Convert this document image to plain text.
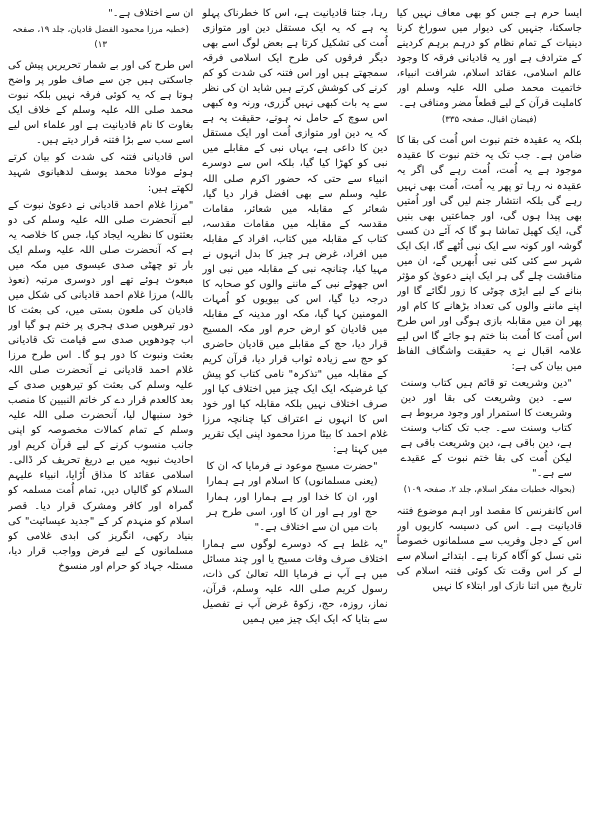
ایسا حرم ہے جس کو بھی معاف نہیں کیا جاسکتا، جنہیں کی دیوار میں سوراخ کرنا دینیات کے تمام نظام کو درہم برہم کردینے کے مترادف ہے اور یہ قادیانی فرقہ کا وجود عالم اسلامی، عقائد اسلام، شرافت انبیاء، خاتمیت محمد صلی اللہ علیہ وسلم اور کاملیت قرآن کے لیے قطعاً مضر ومنافی ہے۔

(فیضان اقبال، صفحہ ۳۳۵)

بلکہ یہ عقیدہ ختم نبوت اس اُمت کی بقا کا ضامن ہے۔ جب تک یہ ختم نبوت کا عقیدہ موجود ہے یہ اُمت، اُمت رہے گی اگر یہ عقیدہ نہ رہا تو پھر یہ اُمت، اُمت بھی نہیں رہے گی بلکہ انتشار جنم لیں گی اور اُمتیں بھی پیدا ہوں گی، اور جماعتیں بھی بنیں گی، ایک کھیل تماشا ہو گا کہ آئے دن کسی گوشہ اور کونہ سے ایک نبی اُٹھے گا، ایک ایک شہر سے کئی کئی نبی اُبھریں گے، ان میں مناقشت چلے گی ہر ایک اپنے دعویٰ کو مؤثر بنانے کے لیے ایڑی چوٹی کا زور لگائے گا اور اپنے ماننے والوں کی تعداد بڑھانے کا کام اور پھر ان میں مقابلہ بازی ہوگی اور اس طرح اس اُمت کا اُمت بنا ختم ہو جائے گا اس لیے علامہ اقبال نے یہ حقیقت واشگاف الفاظ میں بیان کی ہے:

"دین وشریعت تو قائم ہیں کتاب وسنت سے۔ دین وشریعت کی بقا اور دین وشریعت کا استمرار اور وجود مربوط ہے کتاب وسنت سے۔ جب تک کتاب وسنت ہے، دین باقی ہے، دین وشریعت باقی ہے لیکن اُمت کی بقا ختم نبوت کے عقیدے سے ہے۔"

(بحوالہ خطبات مفکر اسلام، جلد ۲، صفحہ ۱۰۹)

اس کانفرنس کا مقصد اور اہم موضوع فتنہ قادیانیت ہے۔ اس کی دسیسہ کاریوں اور اس کے دجل وفریب سے مسلمانوں خصوصاً نئی نسل کو آگاہ کرنا ہے۔ ابتدائے اسلام سے لے کر اس وقت تک کوئی فتنہ اسلام کی تاریخ میں اتنا نازک اور ابتلاء کا نہیں

رہا، جتنا قادیانیت ہے، اس کا خطرناک پہلو یہ ہے کہ یہ ایک مستقل دین اور متوازی اُمت کی تشکیل کرتا ہے بعض لوگ اسے بھی دیگر فرقوں کی طرح ایک اسلامی فرقہ سمجھتے ہیں اور اس فتنہ کی شدت کو کم کرنے کی کوشش کرتے ہیں شاید ان کی نظر سے یہ بات کبھی نہیں گزری، ورنہ وہ کبھی اس سوچ کے حامل نہ ہوتے، حقیقت یہ ہے کہ یہ دین اور متوازی اُمت اور ایک مستقل دین کا داعی ہے، یہاں نبی کے مقابلے میں نبی کو کھڑا کیا گیا، بلکہ اس سے دوسرے انبیاء سے حتی کہ حضور اکرم صلی اللہ علیہ وسلم سے بھی افضل قرار دیا گیا، شعائر کے مقابلہ میں شعائر، مقامات مقدسہ کے مقابلہ میں مقامات مقدسہ، کتاب کے مقابلہ میں کتاب، افراد کے مقابلہ میں افراد، غرض ہر چیز کا بدل انہوں نے مہیا کیا، چنانچہ نبی کے مقابلہ میں نبی اور اس جھوٹے نبی کے ماننے والوں کو صحابہ کا درجہ دیا گیا، اس کی بیویوں کو اُمہات المومنین کہا گیا، مکہ اور مدینہ کے مقابلہ میں قادیان کو ارض حرم اور مکہ المسیح قرار دیا، حج کے مقابلے میں قادیان حاضری کو حج سے زیادہ ثواب قرار دیا، قرآن کریم کے مقابلہ میں "تذکرہ" نامی کتاب کو پیش کیا غرضیکہ ایک ایک چیز میں اختلاف کیا اور صرف اختلاف نہیں بلکہ مقابلہ کیا اور خود اس کا انہوں نے اعتراف کیا چنانچہ مرزا غلام احمد کا بیٹا مرزا محمود اپنی ایک تقریر میں کہتا ہے:

"حضرت مسیح موعود نے فرمایا کہ ان کا (یعنی مسلمانوں) کا اسلام اور ہے ہمارا اور، ان کا خدا اور ہے ہمارا اور، ہمارا حج اور ہے اور ان کا اور، اسی طرح ہر بات میں ان سے اختلاف ہے۔"

"یہ غلط ہے کہ دوسرے لوگوں سے ہمارا اختلاف صرف وفات مسیح یا اور چند مسائل میں ہے آپ نے فرمایا اللہ تعالیٰ کی ذات، رسول کریم صلی اللہ علیہ وسلم، قرآن، نماز، روزہ، حج، زکوۃ غرض آپ نے تفصیل سے بتایا کہ ایک ایک چیز میں ہمیں

ان سے اختلاف ہے۔"

(خطبہ مرزا محمود الفضل قادیان، جلد ۱۹، صفحہ ۱۳)

اس طرح کی اور بے شمار تحریریں پیش کی جاسکتی ہیں جن سے صاف طور پر واضح ہوتا ہے کہ یہ کوئی فرقہ نہیں بلکہ نبوت محمد صلی اللہ علیہ وسلم کے خلاف ایک بغاوت کا نام قادیانیت ہے اور علماء اس لیے اسے سب سے بڑا فتنہ قرار دیتے ہیں۔

اس قادیانی فتنہ کی شدت کو بیان کرتے ہوئے مولانا محمد یوسف لدھیانوی شہید لکھتے ہیں:

"مرزا غلام احمد قادیانی نے دعویٰ نبوت کے لیے آنحضرت صلی اللہ علیہ وسلم کی دو بعثتوں کا نظریہ ایجاد کیا، جس کا خلاصہ یہ ہے کہ آنحضرت صلی اللہ علیہ وسلم ایک بار تو چھٹی صدی عیسوی میں مکہ میں مبعوث ہوئے تھے اور دوسری مرتبہ (نعوذ باللہ) مرزا غلام احمد قادیانی کی شکل میں قادیان کی ملعون بستی میں، کی بعثت کا دور تیرھویں صدی ہجری پر ختم ہو گیا اور اب چودھویں صدی سے قیامت تک قادیانی بعثت ونبوت کا دور ہو گا۔ اس طرح مرزا غلام احمد قادیانی نے آنحضرت صلی اللہ علیہ وسلم کی بعثت کو تیرھویں صدی کے بعد کالعدم قرار دے کر خاتم النبیین کا منصب خود سنبھال لیا، آنحضرت صلی اللہ علیہ وسلم کے تمام کمالات مخصوصہ کو اپنی جانب منسوب کرنے کے لیے قرآن کریم اور احادیث نبویہ میں بے دریغ تحریف کر ڈالی۔ اسلامی عقائد کا مذاق اُڑایا، انبیاء علیہم السلام کو گالیاں دیں، تمام اُمت مسلمہ کو گمراہ اور کافر ومشرک قرار دیا۔ قصر اسلام کو منہدم کر کے "جدید عیسائیت" کی بنیاد رکھی، انگریز کی ابدی غلامی کو مسلمانوں کے لیے فرض وواجب قرار دیا، مسئلہ جہاد کو حرام اور منسوخ
